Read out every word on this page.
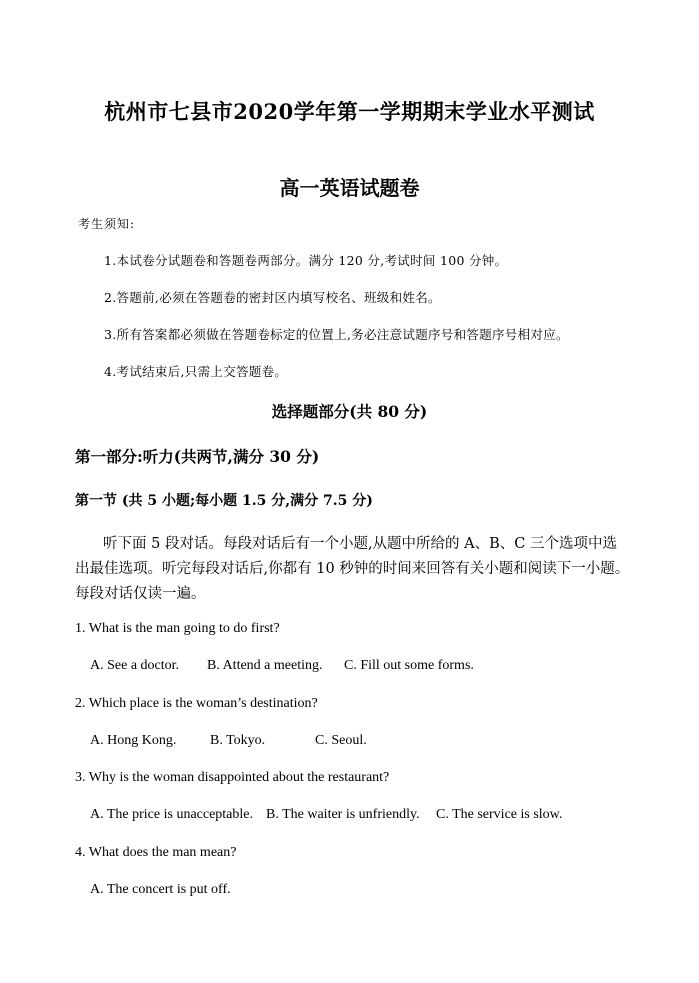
杭州市七县市2020学年第一学期期末学业水平测试
高一英语试题卷
考生须知:
1.本试卷分试题卷和答题卷两部分。满分 120 分,考试时间 100 分钟。
2.答题前,必须在答题卷的密封区内填写校名、班级和姓名。
3.所有答案都必须做在答题卷标定的位置上,务必注意试题序号和答题序号相对应。
4.考试结束后,只需上交答题卷。
选择题部分(共 80 分)
第一部分:听力(共两节,满分 30 分)
第一节 (共 5 小题;每小题 1.5 分,满分 7.5 分)
听下面 5 段对话。每段对话后有一个小题,从题中所给的 A、B、C 三个选项中选
出最佳选项。听完每段对话后,你都有 10 秒钟的时间来回答有关小题和阅读下一小题。
每段对话仅读一遍。
1. What is the man going to do first?
A. See a doctor. B. Attend a meeting. C. Fill out some forms.
2. Which place is the woman’s destination?
A. Hong Kong. B. Tokyo.	C. Seoul.
3. Why is the woman disappointed about the restaurant?
A. The price is unacceptable. B. The waiter is unfriendly. C. The service is slow.
4. What does the man mean?
A. The concert is put off.
